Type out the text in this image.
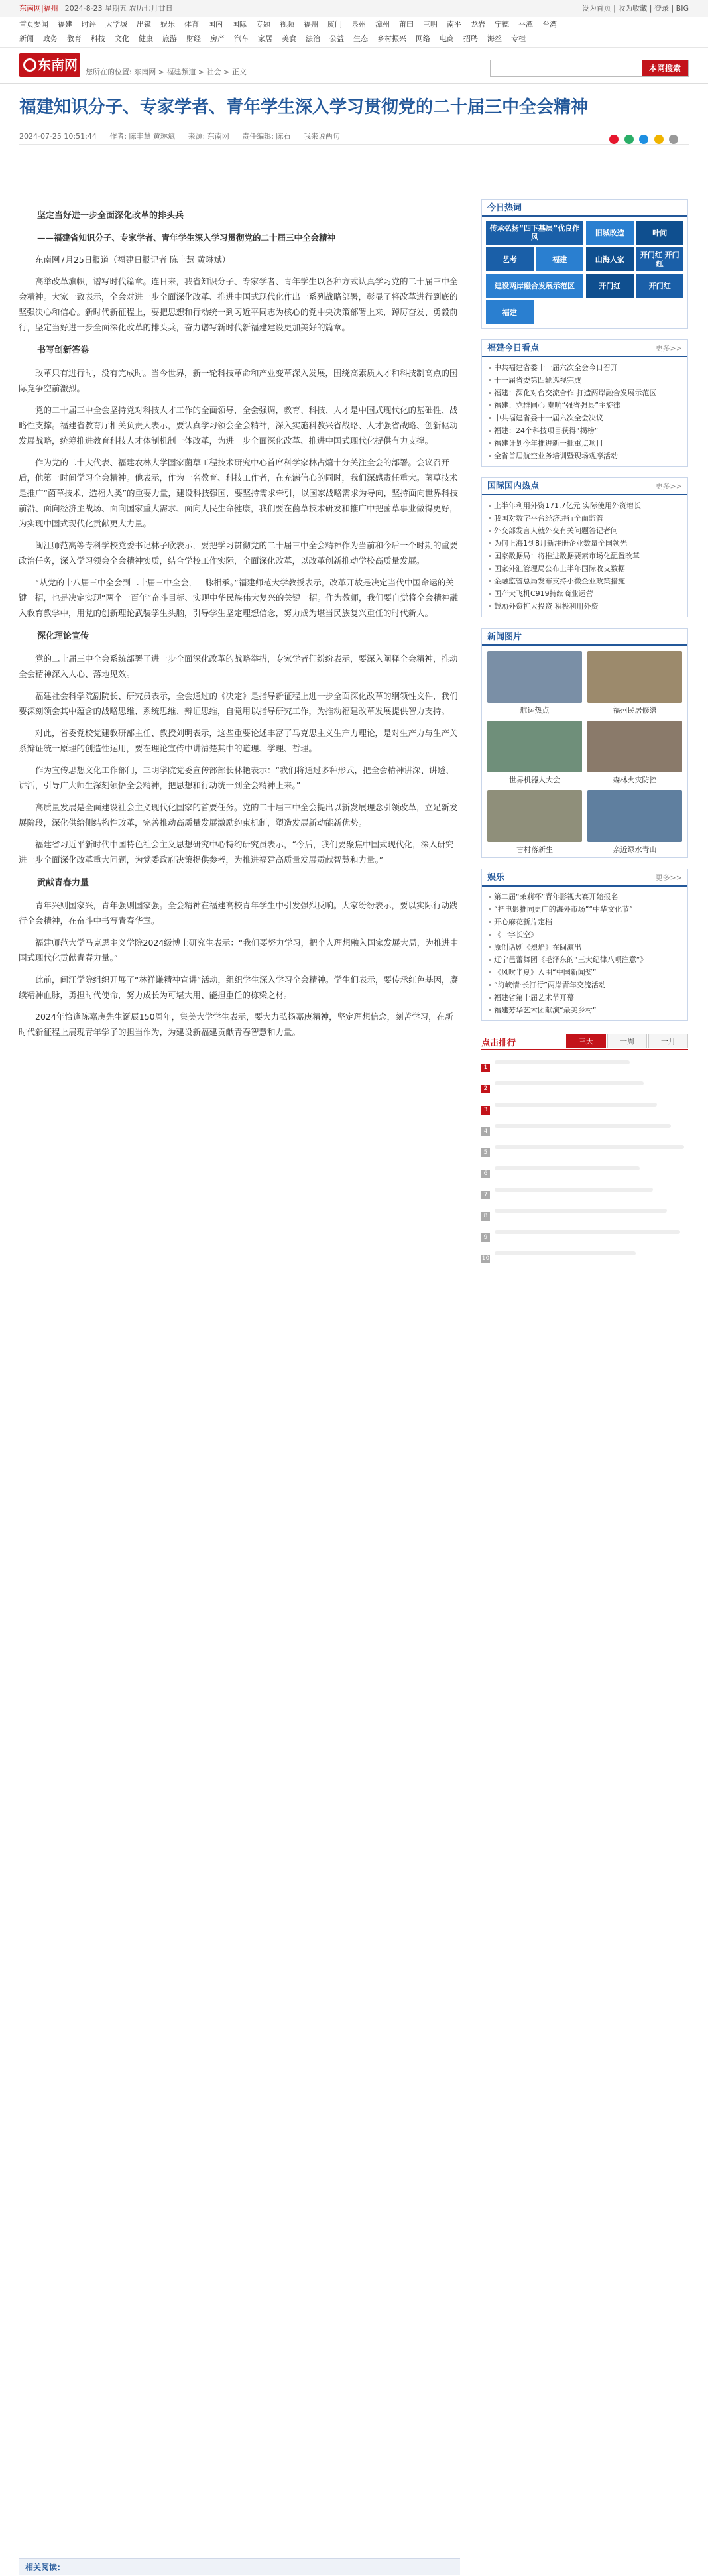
东南网|福州 2024-8-23 星期五 农历七月廿日	设为首页 | 收为收藏 | 登录 | BIG
首页要闻 福建 时评 大学城 出镜 娱乐 体育 国内 国际 专题 视频 福州 厦门 泉州 漳州 莆田 三明 南平 龙岩 宁德 平潭 台湾
新闻 政务 教育 科技 文化 健康 旅游 财经 房产 汽车 家居 美食 法治 公益 生态 乡村振兴 网络 电商 招聘 海丝 专栏
东南网	您所在的位置: 东南网 > 福建频道 > 社会 > 正文	本网搜索
福建知识分子、专家学者、青年学生深入学习贯彻党的二十届三中全会精神
2024-07-25 10:51:44 作者: 陈丰慧 黄琳斌 来源: 东南网 责任编辑: 陈石 我来说两句

坚定当好进一步全面深化改革的排头兵
——福建省知识分子、专家学者、青年学生深入学习贯彻党的二十届三中全会精神

东南网7月25日报道（福建日报记者 陈丰慧 黄琳斌）

高举改革旗帜，谱写时代篇章。连日来，我省知识分子、专家学者、青年学生以各种方式认真学习党的二十届三中全会精神。大家一致表示，全会对进一步全面深化改革、推进中国式现代化作出一系列战略部署，彰显了将改革进行到底的坚强决心和信心。新时代新征程上，要把思想和行动统一到习近平同志为核心的党中央决策部署上来，踔厉奋发、勇毅前行，坚定当好进一步全面深化改革的排头兵，奋力谱写新时代新福建建设更加美好的篇章。

书写创新答卷

改革只有进行时，没有完成时。当今世界，新一轮科技革命和产业变革深入发展，围绕高素质人才和科技制高点的国际竞争空前激烈。

党的二十届三中全会坚持党对科技人才工作的全面领导，全会强调，教育、科技、人才是中国式现代化的基础性、战略性支撑。福建省教育厅相关负责人表示，要认真学习领会全会精神，深入实施科教兴省战略、人才强省战略、创新驱动发展战略，统筹推进教育科技人才体制机制一体改革，为进一步全面深化改革、推进中国式现代化提供有力支撑。

作为党的二十大代表、福建农林大学国家菌草工程技术研究中心首席科学家林占熺十分关注全会的部署。会议召开后，他第一时间学习全会精神。他表示，作为一名教育、科技工作者，在充满信心的同时，我们深感责任重大。菌草技术是推广“菌草技术，造福人类”的重要力量，建设科技强国，要坚持需求牵引，以国家战略需求为导向，坚持面向世界科技前沿、面向经济主战场、面向国家重大需求、面向人民生命健康，我们要在菌草技术研发和推广中把菌草事业做得更好，为实现中国式现代化贡献更大力量。

闽江师范高等专科学校党委书记林子欣表示，要把学习贯彻党的二十届三中全会精神作为当前和今后一个时期的重要政治任务，深入学习领会全会精神实质，结合学校工作实际，全面深化改革，以改革创新推动学校高质量发展。

“从党的十八届三中全会到二十届三中全会，一脉相承。”福建师范大学教授表示，改革开放是决定当代中国命运的关键一招，也是决定实现“两个一百年”奋斗目标、实现中华民族伟大复兴的关键一招。作为教师，我们要自觉将全会精神融入教育教学中，用党的创新理论武装学生头脑，引导学生坚定理想信念，努力成为堪当民族复兴重任的时代新人。

深化理论宣传

党的二十届三中全会系统部署了进一步全面深化改革的战略举措，专家学者们纷纷表示，要深入阐释全会精神，推动全会精神深入人心、落地见效。

福建社会科学院副院长、研究员表示，全会通过的《决定》是指导新征程上进一步全面深化改革的纲领性文件，我们要深刻领会其中蕴含的战略思维、系统思维、辩证思维，自觉用以指导研究工作，为推动福建改革发展提供智力支持。

对此，省委党校党建教研部主任、教授刘明表示，这些重要论述丰富了马克思主义生产力理论，是对生产力与生产关系辩证统一原理的创造性运用，要在理论宣传中讲清楚其中的道理、学理、哲理。

作为宣传思想文化工作部门，三明学院党委宣传部部长林艳表示：“我们将通过多种形式，把全会精神讲深、讲透、讲活，引导广大师生深刻领悟全会精神，把思想和行动统一到全会精神上来。”

高质量发展是全面建设社会主义现代化国家的首要任务。党的二十届三中全会提出以新发展理念引领改革，立足新发展阶段，深化供给侧结构性改革，完善推动高质量发展激励约束机制，塑造发展新动能新优势。

福建省习近平新时代中国特色社会主义思想研究中心特约研究员表示，“今后，我们要聚焦中国式现代化，深入研究进一步全面深化改革重大问题，为党委政府决策提供参考，为推进福建高质量发展贡献智慧和力量。”

贡献青春力量

青年兴则国家兴，青年强则国家强。全会精神在福建高校青年学生中引发强烈反响。大家纷纷表示，要以实际行动践行全会精神，在奋斗中书写青春华章。

福建师范大学马克思主义学院2024级博士研究生表示：“我们要努力学习，把个人理想融入国家发展大局，为推进中国式现代化贡献青春力量。”

此前，闽江学院组织开展了“林祥谦精神宣讲”活动，组织学生深入学习全会精神。学生们表示，要传承红色基因，赓续精神血脉，勇担时代使命，努力成长为可堪大用、能担重任的栋梁之材。

2024年恰逢陈嘉庚先生诞辰150周年，集美大学学生表示，要大力弘扬嘉庚精神，坚定理想信念，刻苦学习，在新时代新征程上展现青年学子的担当作为，为建设新福建贡献青春智慧和力量。

相关阅读：
今日热词
传承弘扬“四下基层”优良作风	旧城改造	叶问
艺考	福建	山海人家	开门红 开门红
建设两岸融合发展示范区	开门红	开门红
福建
福建今日看点	更多>>
中共福建省委十一届六次全会今日召开
十一届省委第四轮巡视完成
福建：深化对台交流合作 打造两岸融合发展示范区
福建：党群同心 奏响“强省强县”主旋律
中共福建省委十一届六次全会决议
福建：24个科技项目获得“揭榜”
福建计划今年推进新一批重点项目
全省首届航空业务培训暨现场观摩活动
国际国内热点	更多>>
上半年利用外资171.7亿元 实际使用外资增长
我国对数字平台经济进行全面监管
外交部发言人就外交有关问题答记者问
为何上海1到8月新注册企业数量全国领先
国家数据局：将推进数据要素市场化配置改革
国家外汇管理局公布上半年国际收支数据
金融监管总局发布支持小微企业政策措施
国产大飞机C919持续商业运营
鼓励外资扩大投资 积极利用外资
新闻图片
航运热点	福州民居修缮
世界机器人大会	森林火灾防控
古村落新生	亲近绿水青山
娱乐	更多>>
第二届“茉莉杯”青年影视大赛开始报名
“把电影推向更广的海外市场”“中华文化节”
开心麻花新片定档
《一字长空》
原创话剧《烈焰》在闽演出
辽宁芭蕾舞团《毛泽东的“三大纪律八项注意”》
《风吹半夏》入围“中国新闻奖”
“海峡情·长汀行”两岸青年交流活动
福建省第十届艺术节开幕
福建芳华艺术团献演“最美乡村”
点击排行	三天	一周	一月
1
2
3
4
5
6
7
8
9
10
